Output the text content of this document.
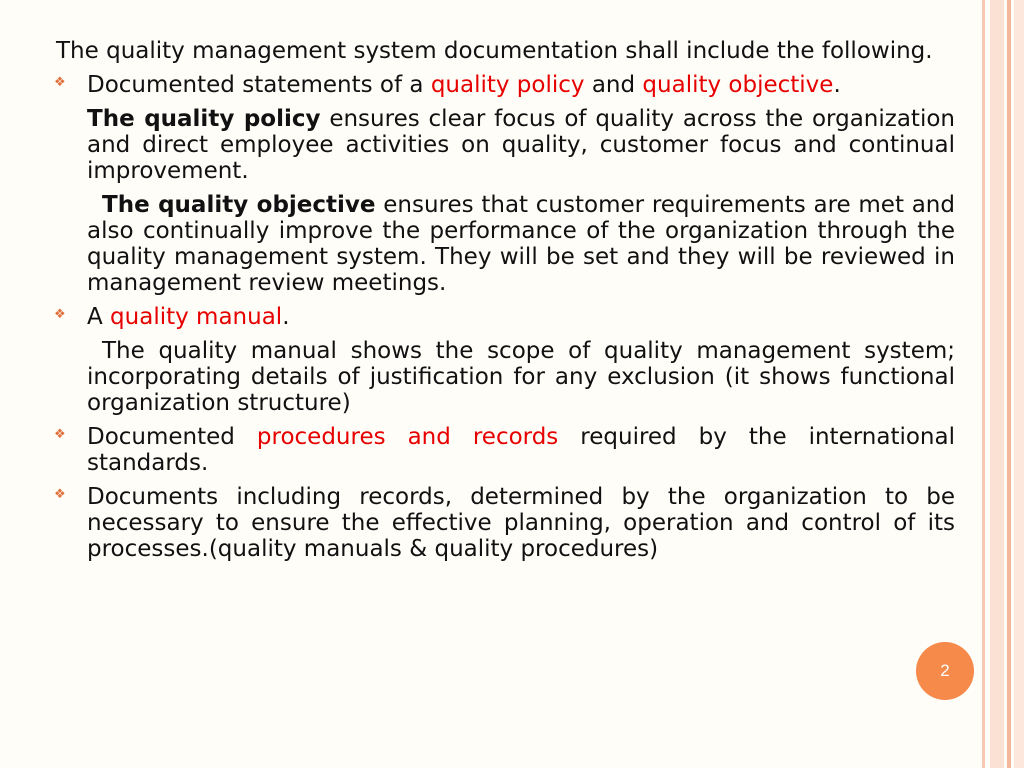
The quality management system documentation shall include the following.

❖ Documented statements of a quality policy and quality objective.

The quality policy ensures clear focus of quality across the organization and direct employee activities on quality, customer focus and continual improvement.

The quality objective ensures that customer requirements are met and also continually improve the performance of the organization through the quality management system. They will be set and they will be reviewed in management review meetings.

❖ A quality manual.

The quality manual shows the scope of quality management system; incorporating details of justification for any exclusion (it shows functional organization structure)

❖ Documented procedures and records required by the international standards.

❖ Documents including records, determined by the organization to be necessary to ensure the effective planning, operation and control of its processes.(quality manuals & quality procedures)

2
